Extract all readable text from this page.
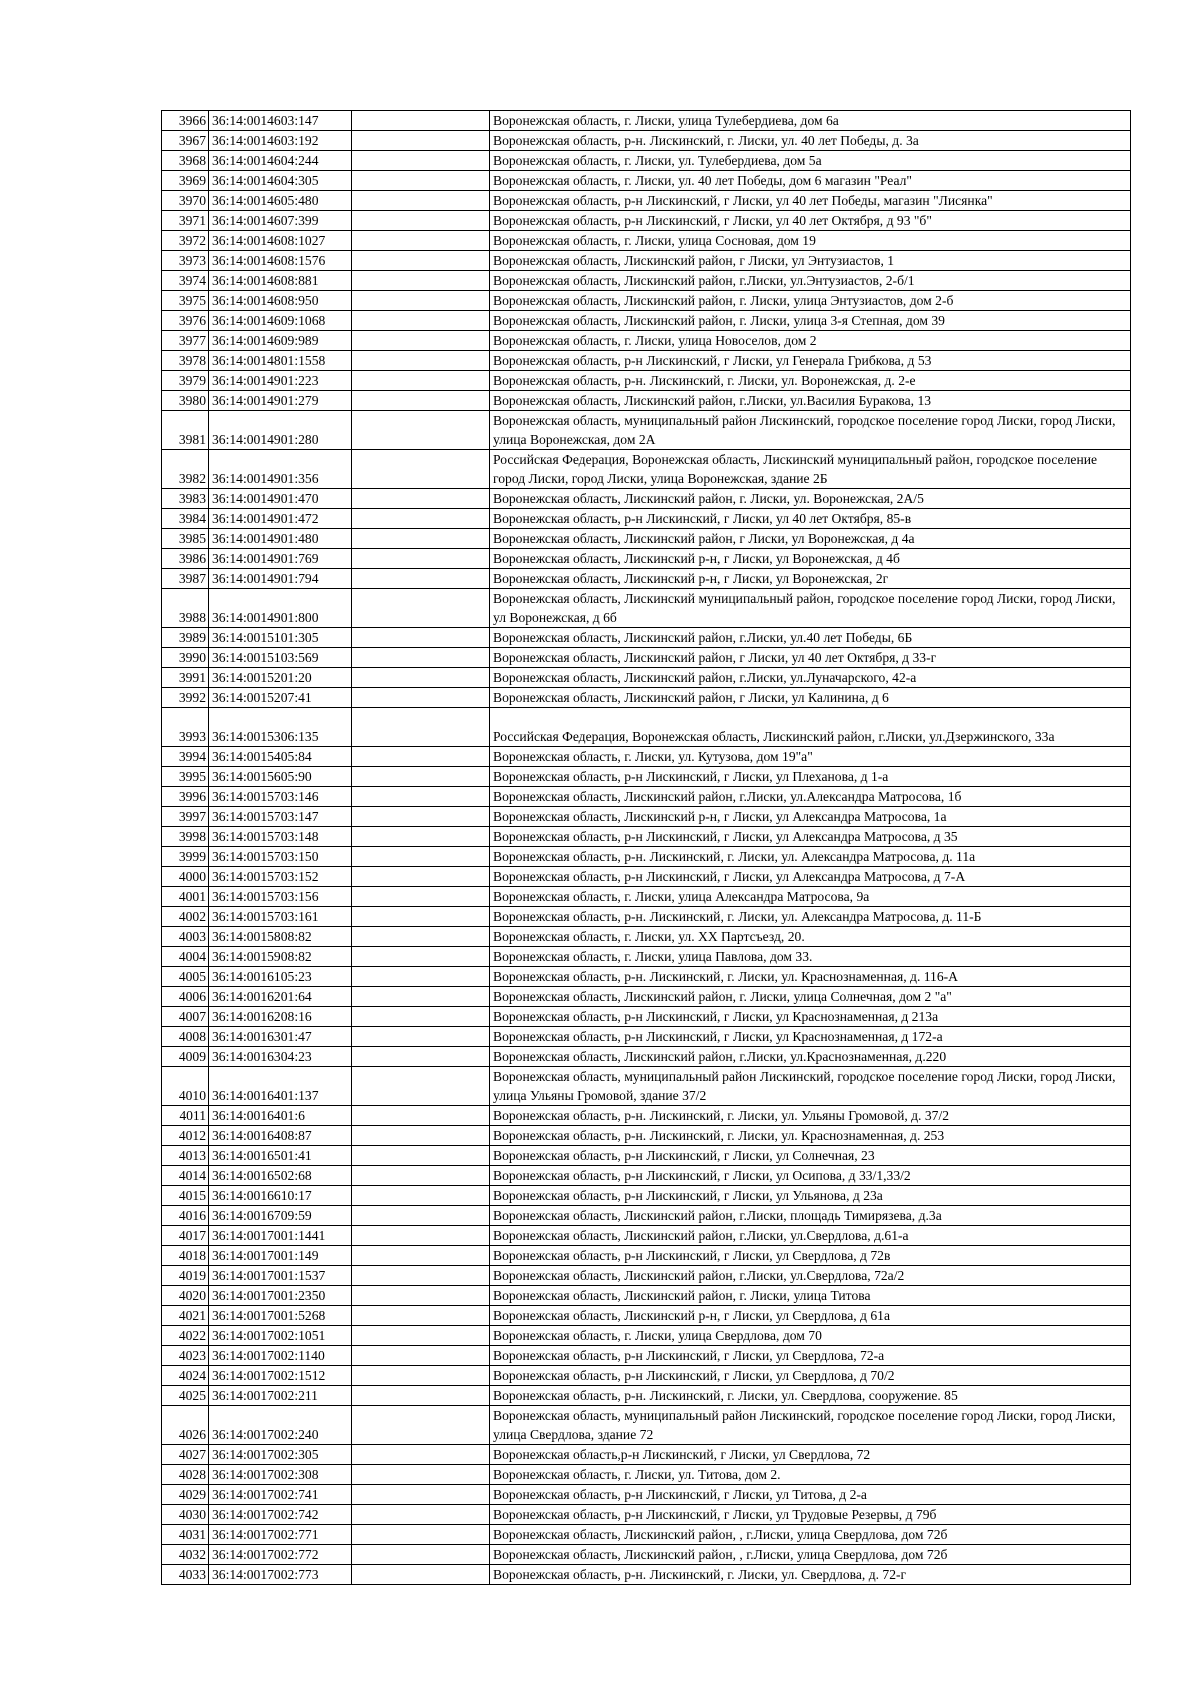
3966	36:14:0014603:147		Воронежская область, г. Лиски, улица Тулебердиева, дом 6а
3967	36:14:0014603:192		Воронежская область, р-н. Лискинский, г. Лиски, ул. 40 лет Победы, д. 3а
3968	36:14:0014604:244		Воронежская область, г. Лиски, ул. Тулебердиева, дом 5а
3969	36:14:0014604:305		Воронежская область, г. Лиски, ул. 40 лет Победы, дом 6 магазин "Реал"
3970	36:14:0014605:480		Воронежская область, р-н Лискинский, г Лиски, ул 40 лет Победы, магазин "Лисянка"
3971	36:14:0014607:399		Воронежская область, р-н Лискинский, г Лиски, ул 40 лет Октября, д 93 "б"
3972	36:14:0014608:1027		Воронежская область, г. Лиски, улица Сосновая, дом 19
3973	36:14:0014608:1576		Воронежская область, Лискинский район, г Лиски, ул Энтузиастов, 1
3974	36:14:0014608:881		Воронежская область, Лискинский район, г.Лиски, ул.Энтузиастов, 2-б/1
3975	36:14:0014608:950		Воронежская область, Лискинский район, г. Лиски, улица Энтузиастов, дом 2-б
3976	36:14:0014609:1068		Воронежская область, Лискинский район, г. Лиски, улица 3-я Степная, дом 39
3977	36:14:0014609:989		Воронежская область, г. Лиски, улица Новоселов, дом 2
3978	36:14:0014801:1558		Воронежская область, р-н Лискинский, г Лиски, ул Генерала Грибкова, д 53
3979	36:14:0014901:223		Воронежская область, р-н. Лискинский, г. Лиски, ул. Воронежская, д. 2-е
3980	36:14:0014901:279		Воронежская область, Лискинский район, г.Лиски, ул.Василия Буракова, 13
3981	36:14:0014901:280		Воронежская область, муниципальный район Лискинский, городское поселение город Лиски, город Лиски, улица Воронежская, дом 2А
3982	36:14:0014901:356		Российская Федерация, Воронежская область, Лискинский муниципальный район, городское поселение город Лиски, город Лиски, улица Воронежская, здание 2Б
3983	36:14:0014901:470		Воронежская область, Лискинский район, г. Лиски, ул. Воронежская, 2А/5
3984	36:14:0014901:472		Воронежская область, р-н Лискинский, г Лиски, ул 40 лет Октября, 85-в
3985	36:14:0014901:480		Воронежская область, Лискинский район, г Лиски, ул Воронежская, д 4а
3986	36:14:0014901:769		Воронежская область, Лискинский р-н, г Лиски, ул Воронежская, д 4б
3987	36:14:0014901:794		Воронежская область, Лискинский р-н, г Лиски, ул Воронежская, 2г
3988	36:14:0014901:800		Воронежская область, Лискинский муниципальный район, городское поселение город Лиски, город Лиски, ул Воронежская, д 6б
3989	36:14:0015101:305		Воронежская область, Лискинский район, г.Лиски, ул.40 лет Победы, 6Б
3990	36:14:0015103:569		Воронежская область, Лискинский район, г Лиски, ул 40 лет Октября, д 33-г
3991	36:14:0015201:20		Воронежская область, Лискинский район, г.Лиски, ул.Луначарского, 42-а
3992	36:14:0015207:41		Воронежская область, Лискинский район, г Лиски, ул Калинина, д 6
3993	36:14:0015306:135		Российская Федерация, Воронежская область, Лискинский район, г.Лиски, ул.Дзержинского, 33а
3994	36:14:0015405:84		Воронежская область, г. Лиски, ул. Кутузова, дом 19"а"
3995	36:14:0015605:90		Воронежская область, р-н Лискинский, г Лиски, ул Плеханова, д 1-а
3996	36:14:0015703:146		Воронежская область, Лискинский район, г.Лиски, ул.Александра Матросова, 1б
3997	36:14:0015703:147		Воронежская область, Лискинский р-н, г Лиски, ул Александра Матросова, 1а
3998	36:14:0015703:148		Воронежская область, р-н Лискинский, г Лиски, ул Александра Матросова, д 35
3999	36:14:0015703:150		Воронежская область, р-н. Лискинский, г. Лиски, ул. Александра Матросова, д. 11а
4000	36:14:0015703:152		Воронежская область, р-н Лискинский, г Лиски, ул Александра Матросова, д 7-А
4001	36:14:0015703:156		Воронежская область, г. Лиски, улица Александра Матросова, 9а
4002	36:14:0015703:161		Воронежская область, р-н. Лискинский, г. Лиски, ул. Александра Матросова, д. 11-Б
4003	36:14:0015808:82		Воронежская область, г. Лиски, ул. ХХ Партсъезд, 20.
4004	36:14:0015908:82		Воронежская область, г. Лиски, улица Павлова, дом 33.
4005	36:14:0016105:23		Воронежская область, р-н. Лискинский, г. Лиски, ул. Краснознаменная, д. 116-А
4006	36:14:0016201:64		Воронежская область, Лискинский район, г. Лиски, улица Солнечная, дом 2 "а"
4007	36:14:0016208:16		Воронежская область, р-н Лискинский, г Лиски, ул Краснознаменная, д 213а
4008	36:14:0016301:47		Воронежская область, р-н Лискинский, г Лиски, ул Краснознаменная, д 172-а
4009	36:14:0016304:23		Воронежская область, Лискинский район, г.Лиски, ул.Краснознаменная, д.220
4010	36:14:0016401:137		Воронежская область, муниципальный район Лискинский, городское поселение город Лиски, город Лиски, улица Ульяны Громовой, здание 37/2
4011	36:14:0016401:6		Воронежская область, р-н. Лискинский, г. Лиски, ул. Ульяны Громовой, д. 37/2
4012	36:14:0016408:87		Воронежская область, р-н. Лискинский, г. Лиски, ул. Краснознаменная, д. 253
4013	36:14:0016501:41		Воронежская область, р-н Лискинский, г Лиски, ул Солнечная, 23
4014	36:14:0016502:68		Воронежская область, р-н Лискинский, г Лиски, ул Осипова, д 33/1,33/2
4015	36:14:0016610:17		Воронежская область, р-н Лискинский, г Лиски, ул Ульянова, д 23а
4016	36:14:0016709:59		Воронежская область, Лискинский район, г.Лиски, площадь Тимирязева, д.3а
4017	36:14:0017001:1441		Воронежская область, Лискинский район, г.Лиски, ул.Свердлова, д.61-а
4018	36:14:0017001:149		Воронежская область, р-н Лискинский, г Лиски, ул Свердлова, д 72в
4019	36:14:0017001:1537		Воронежская область, Лискинский район, г.Лиски, ул.Свердлова, 72а/2
4020	36:14:0017001:2350		Воронежская область, Лискинский район, г. Лиски, улица Титова
4021	36:14:0017001:5268		Воронежская область, Лискинский р-н, г Лиски, ул Свердлова, д 61а
4022	36:14:0017002:1051		Воронежская область, г. Лиски, улица Свердлова, дом 70
4023	36:14:0017002:1140		Воронежская область, р-н Лискинский, г Лиски, ул Свердлова, 72-а
4024	36:14:0017002:1512		Воронежская область, р-н Лискинский, г Лиски, ул Свердлова, д 70/2
4025	36:14:0017002:211		Воронежская область, р-н. Лискинский, г. Лиски, ул. Свердлова, сооружение. 85
4026	36:14:0017002:240		Воронежская область, муниципальный район Лискинский, городское поселение город Лиски, город Лиски, улица Свердлова, здание 72
4027	36:14:0017002:305		Воронежская область,р-н Лискинский, г Лиски, ул Свердлова, 72
4028	36:14:0017002:308		Воронежская область, г. Лиски, ул. Титова, дом 2.
4029	36:14:0017002:741		Воронежская область, р-н Лискинский, г Лиски, ул Титова, д 2-а
4030	36:14:0017002:742		Воронежская область, р-н Лискинский, г Лиски, ул Трудовые Резервы, д 79б
4031	36:14:0017002:771		Воронежская область, Лискинский район, , г.Лиски, улица Свердлова, дом 72б
4032	36:14:0017002:772		Воронежская область, Лискинский район, , г.Лиски, улица Свердлова, дом 72б
4033	36:14:0017002:773		Воронежская область, р-н. Лискинский, г. Лиски, ул. Свердлова, д. 72-г
